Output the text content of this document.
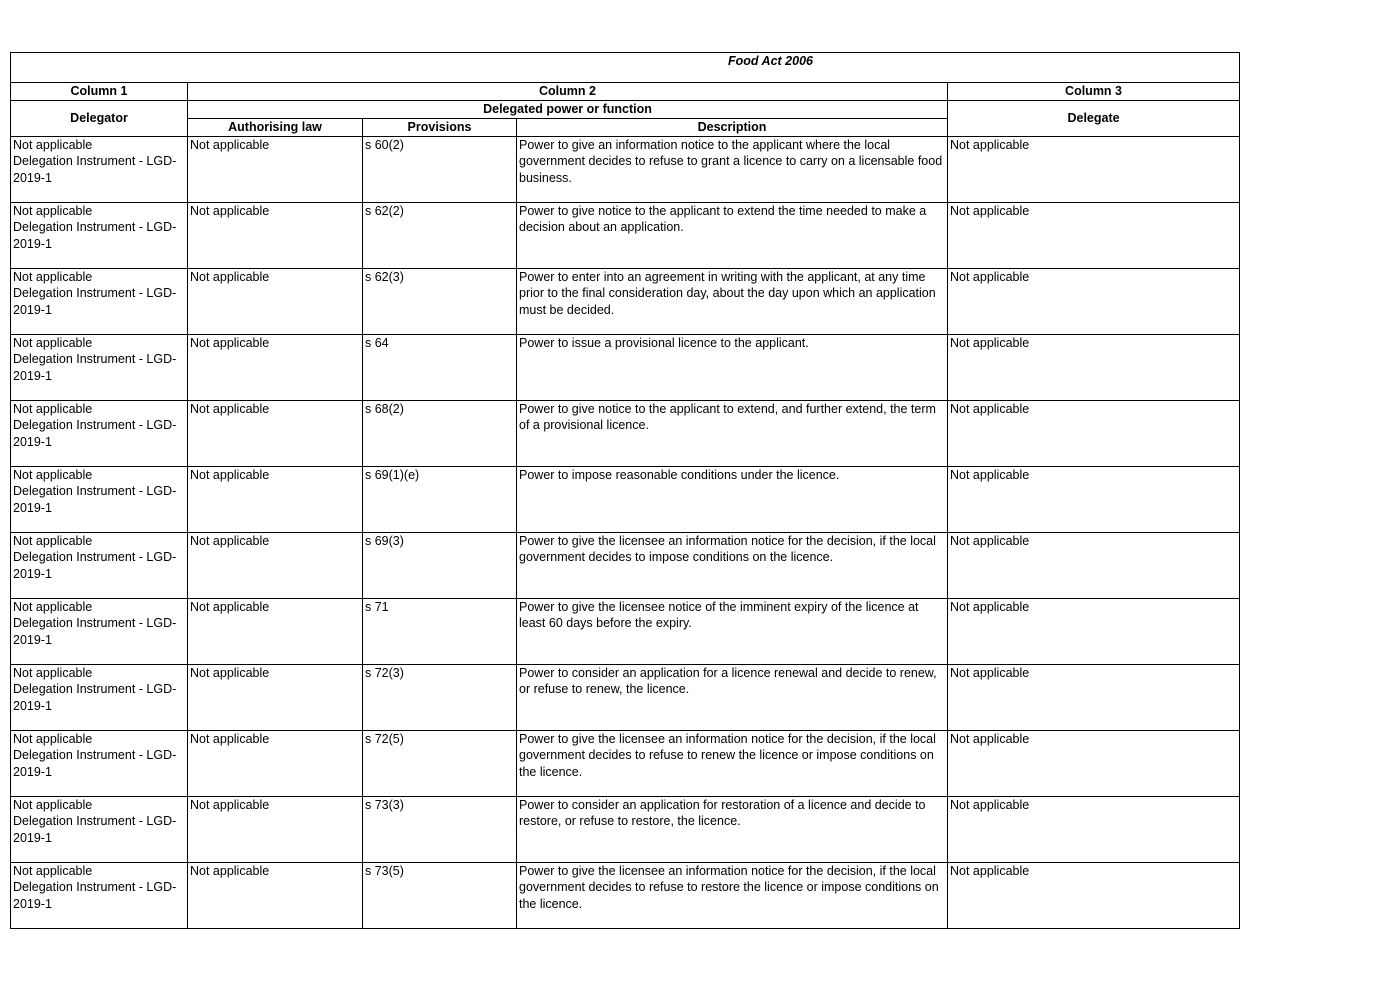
Food Act 2006				

Column 1	Column 2			Column 3
Delegator	Delegated power or function			Delegate
	Authorising law	Provisions	Description	

Not applicable
Delegation Instrument - LGD-
2019-1	Not applicable	s 60(2)	Power to give an information notice to the applicant where the local government decides to refuse to grant a licence to carry on a licensable food business.	Not applicable

Not applicable
Delegation Instrument - LGD-
2019-1	Not applicable	s 62(2)	Power to give notice to the applicant to extend the time needed to make a decision about an application.	Not applicable

Not applicable
Delegation Instrument - LGD-
2019-1	Not applicable	s 62(3)	Power to enter into an agreement in writing with the applicant, at any time prior to the final consideration day, about the day upon which an application must be decided.	Not applicable

Not applicable
Delegation Instrument - LGD-
2019-1	Not applicable	s 64	Power to issue a provisional licence to the applicant.	Not applicable

Not applicable
Delegation Instrument - LGD-
2019-1	Not applicable	s 68(2)	Power to give notice to the applicant to extend, and further extend, the term of a provisional licence.	Not applicable

Not applicable
Delegation Instrument - LGD-
2019-1	Not applicable	s 69(1)(e)	Power to impose reasonable conditions under the licence.	Not applicable

Not applicable
Delegation Instrument - LGD-
2019-1	Not applicable	s 69(3)	Power to give the licensee an information notice for the decision, if the local government decides to impose conditions on the licence.	Not applicable

Not applicable
Delegation Instrument - LGD-
2019-1	Not applicable	s 71	Power to give the licensee notice of the imminent expiry of the licence at least 60 days before the expiry.	Not applicable

Not applicable
Delegation Instrument - LGD-
2019-1	Not applicable	s 72(3)	Power to consider an application for a licence renewal and decide to renew, or refuse to renew, the licence.	Not applicable

Not applicable
Delegation Instrument - LGD-
2019-1	Not applicable	s 72(5)	Power to give the licensee an information notice for the decision, if the local government decides to refuse to renew the licence or impose conditions on the licence.	Not applicable

Not applicable
Delegation Instrument - LGD-
2019-1	Not applicable	s 73(3)	Power to consider an application for restoration of a licence and decide to restore, or refuse to restore, the licence.	Not applicable

Not applicable
Delegation Instrument - LGD-
2019-1	Not applicable	s 73(5)	Power to give the licensee an information notice for the decision, if the local government decides to refuse to restore the licence or impose conditions on the licence.	Not applicable
